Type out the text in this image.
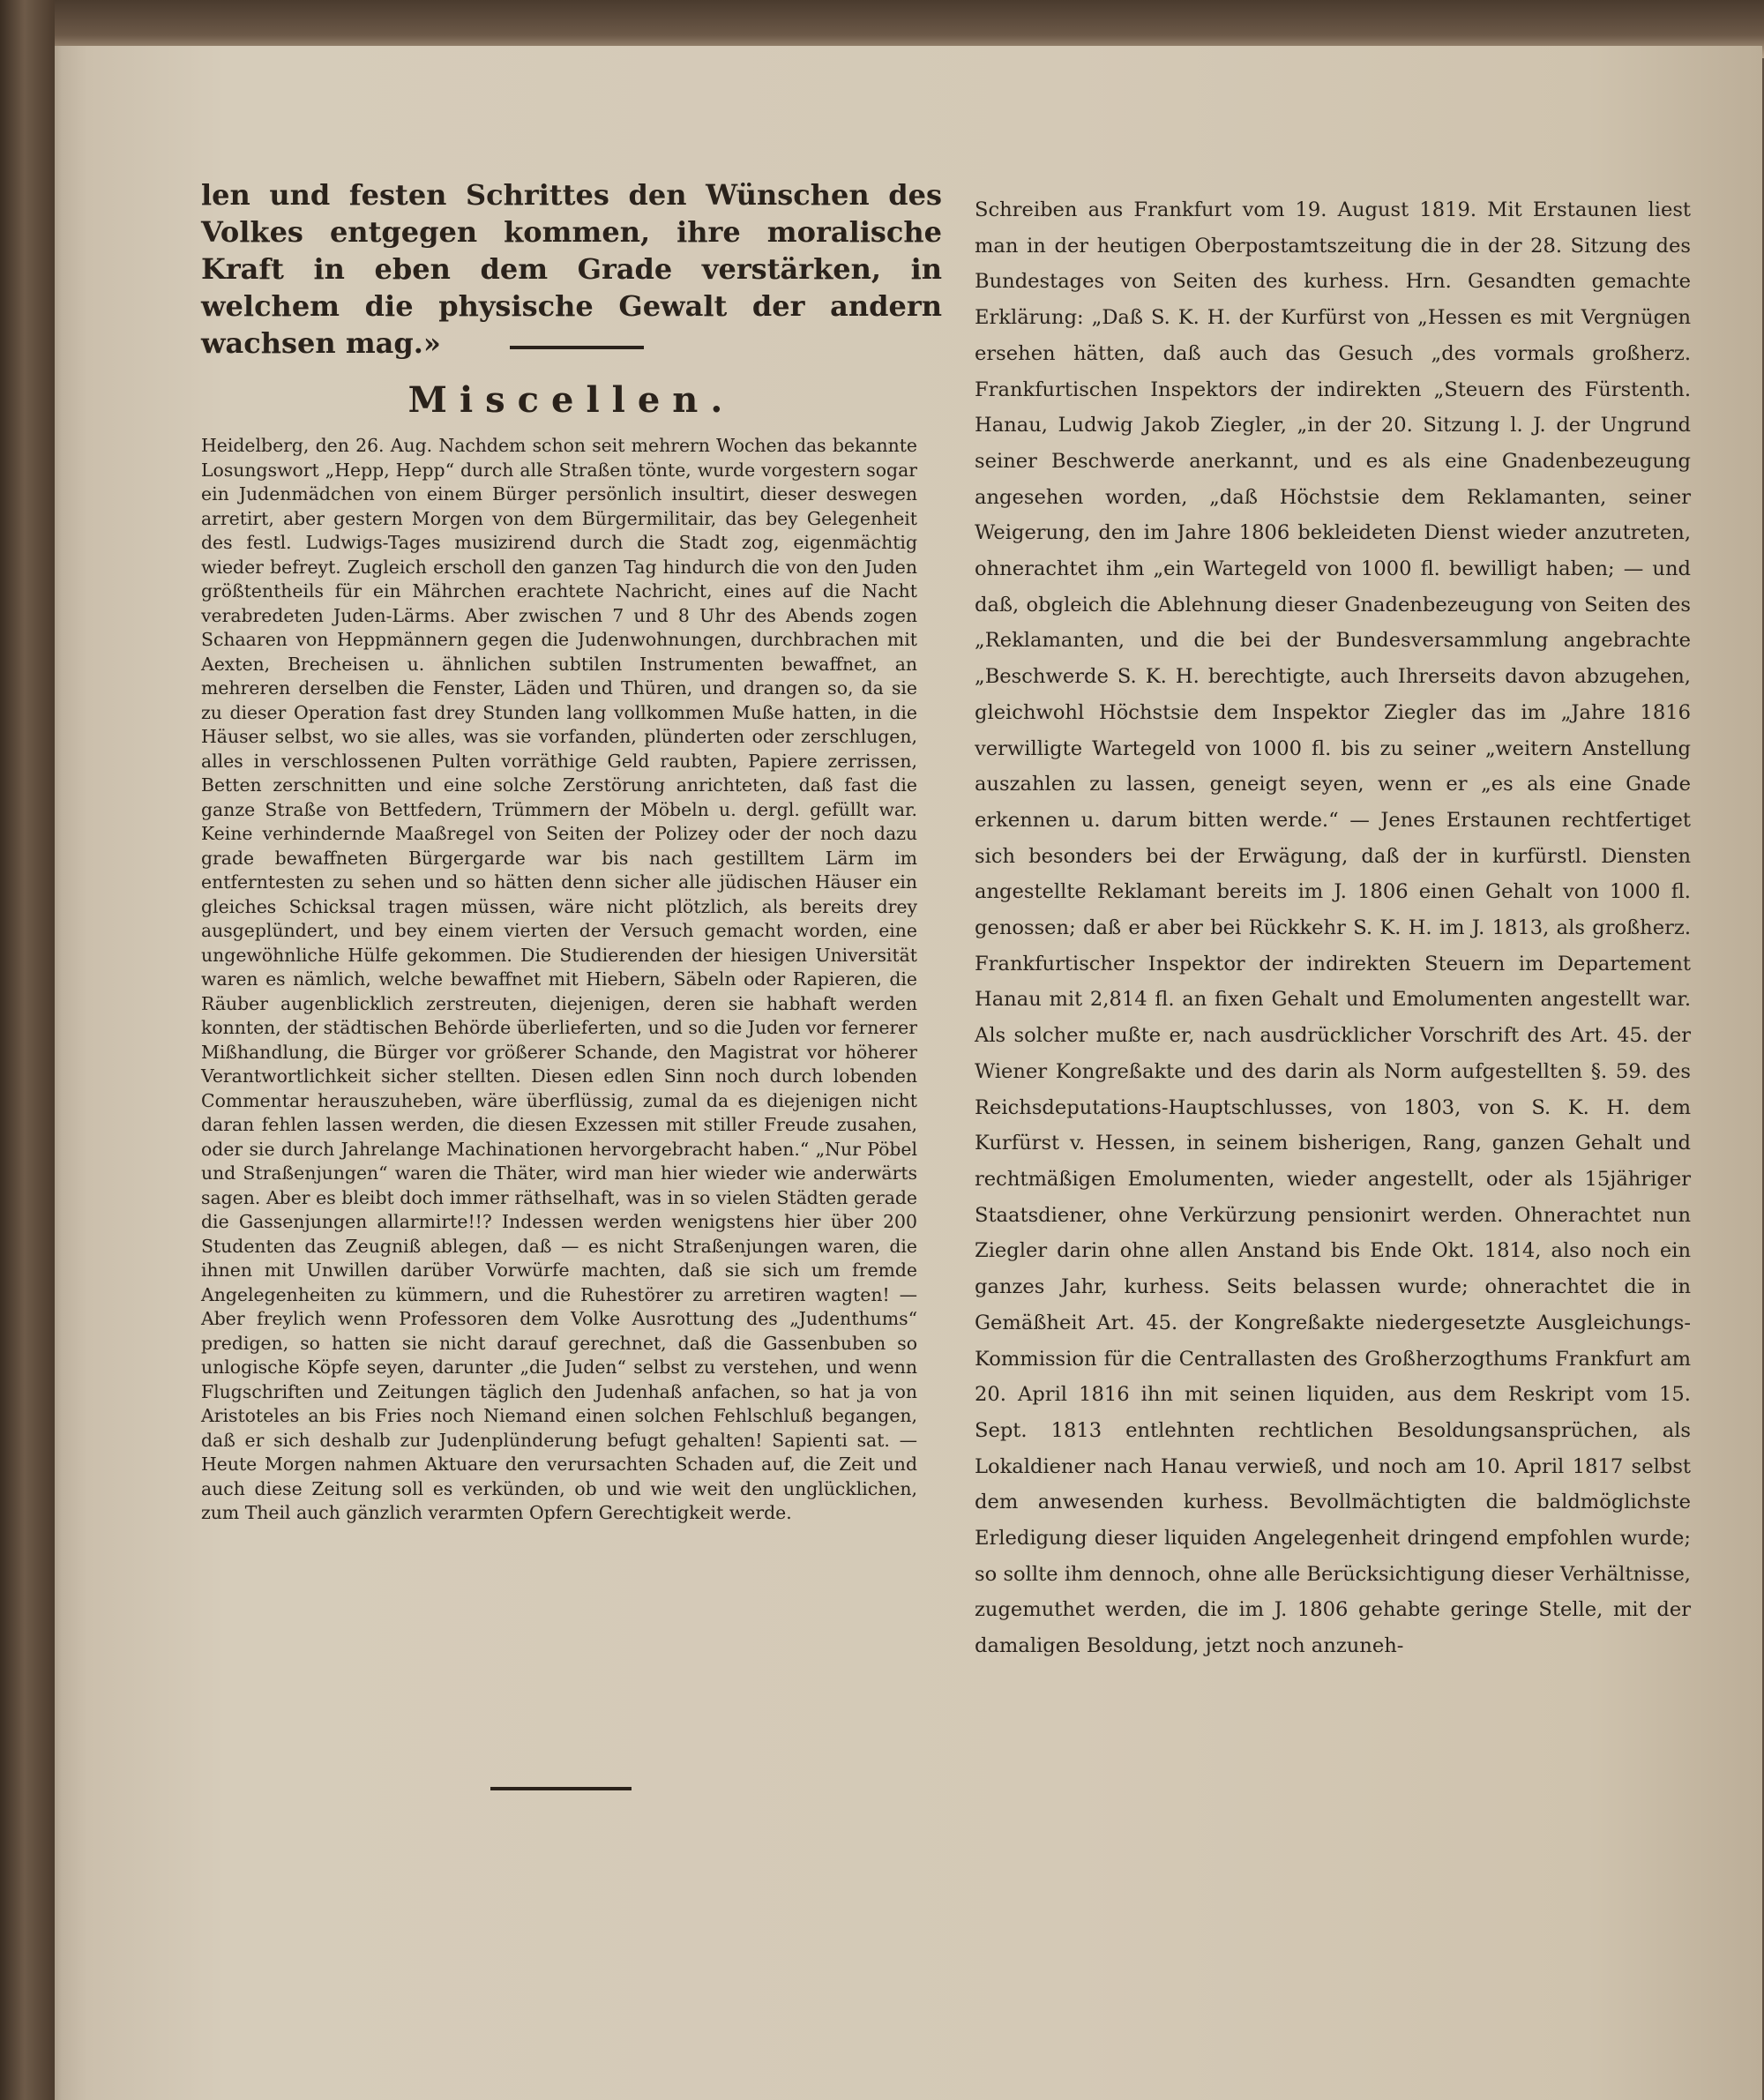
len und festen Schrittes den Wünschen des Volkes entgegen kommen, ihre moralische Kraft in eben dem Grade verstärken, in welchem die physische Gewalt der andern wachsen mag.»

Miscellen.

Heidelberg, den 26. Aug. Nachdem schon seit mehrern Wochen das bekannte Losungswort „Hepp, Hepp“ durch alle Straßen tönte, wurde vorgestern sogar ein Judenmädchen von einem Bürger persönlich insultirt, dieser deswegen arretirt, aber gestern Morgen von dem Bürgermilitair, das bey Gelegenheit des festl. Ludwigs-Tages musizirend durch die Stadt zog, eigenmächtig wieder befreyt. Zugleich erscholl den ganzen Tag hindurch die von den Juden größtentheils für ein Mährchen erachtete Nachricht, eines auf die Nacht verabredeten Juden-Lärms. Aber zwischen 7 und 8 Uhr des Abends zogen Schaaren von Heppmännern gegen die Judenwohnungen, durchbrachen mit Aexten, Brecheisen u. ähnlichen subtilen Instrumenten bewaffnet, an mehreren derselben die Fenster, Läden und Thüren, und drangen so, da sie zu dieser Operation fast drey Stunden lang vollkommen Muße hatten, in die Häuser selbst, wo sie alles, was sie vorfanden, plünderten oder zerschlugen, alles in verschlossenen Pulten vorräthige Geld raubten, Papiere zerrissen, Betten zerschnitten und eine solche Zerstörung anrichteten, daß fast die ganze Straße von Bettfedern, Trümmern der Möbeln u. dergl. gefüllt war. Keine verhindernde Maaßregel von Seiten der Polizey oder der noch dazu grade bewaffneten Bürgergarde war bis nach gestilltem Lärm im entferntesten zu sehen und so hätten denn sicher alle jüdischen Häuser ein gleiches Schicksal tragen müssen, wäre nicht plötzlich, als bereits drey ausgeplündert, und bey einem vierten der Versuch gemacht worden, eine ungewöhnliche Hülfe gekommen. Die Studierenden der hiesigen Universität waren es nämlich, welche bewaffnet mit Hiebern, Säbeln oder Rapieren, die Räuber augenblicklich zerstreuten, diejenigen, deren sie habhaft werden konnten, der städtischen Behörde überlieferten, und so die Juden vor fernerer Mißhandlung, die Bürger vor größerer Schande, den Magistrat vor höherer Verantwortlichkeit sicher stellten. Diesen edlen Sinn noch durch lobenden Commentar herauszuheben, wäre überflüssig, zumal da es diejenigen nicht daran fehlen lassen werden, die diesen Exzessen mit stiller Freude zusahen, oder sie durch Jahrelange Machinationen hervorgebracht haben.“ „Nur Pöbel und Straßenjungen“ waren die Thäter, wird man hier wieder wie anderwärts sagen. Aber es bleibt doch immer räthselhaft, was in so vielen Städten gerade die Gassenjungen allarmirte!!? Indessen werden wenigstens hier über 200 Studenten das Zeugniß ablegen, daß — es nicht Straßenjungen waren, die ihnen mit Unwillen darüber Vorwürfe machten, daß sie sich um fremde Angelegenheiten zu kümmern, und die Ruhestörer zu arretiren wagten! — Aber freylich wenn Professoren dem Volke Ausrottung des „Judenthums“ predigen, so hatten sie nicht darauf gerechnet, daß die Gassenbuben so unlogische Köpfe seyen, darunter „die Juden“ selbst zu verstehen, und wenn Flugschriften und Zeitungen täglich den Judenhaß anfachen, so hat ja von Aristoteles an bis Fries noch Niemand einen solchen Fehlschluß begangen, daß er sich deshalb zur Judenplünderung befugt gehalten! Sapienti sat. — Heute Morgen nahmen Aktuare den verursachten Schaden auf, die Zeit und auch diese Zeitung soll es verkünden, ob und wie weit den unglücklichen, zum Theil auch gänzlich verarmten Opfern Gerechtigkeit werde.

Schreiben aus Frankfurt vom 19. August 1819. Mit Erstaunen liest man in der heutigen Oberpostamtszeitung die in der 28. Sitzung des Bundestages von Seiten des kurhess. Hrn. Gesandten gemachte Erklärung: „Daß S. K. H. der Kurfürst von „Hessen es mit Vergnügen ersehen hätten, daß auch das Gesuch „des vormals großherz. Frankfurtischen Inspektors der indirekten „Steuern des Fürstenth. Hanau, Ludwig Jakob Ziegler, „in der 20. Sitzung l. J. der Ungrund seiner Beschwerde anerkannt, und es als eine Gnadenbezeugung angesehen worden, „daß Höchstsie dem Reklamanten, seiner Weigerung, den im Jahre 1806 bekleideten Dienst wieder anzutreten, ohnerachtet ihm „ein Wartegeld von 1000 fl. bewilligt haben; — und daß, obgleich die Ablehnung dieser Gnadenbezeugung von Seiten des „Reklamanten, und die bei der Bundesversammlung angebrachte „Beschwerde S. K. H. berechtigte, auch Ihrerseits davon abzugehen, gleichwohl Höchstsie dem Inspektor Ziegler das im „Jahre 1816 verwilligte Wartegeld von 1000 fl. bis zu seiner „weitern Anstellung auszahlen zu lassen, geneigt seyen, wenn er „es als eine Gnade erkennen u. darum bitten werde.“ — Jenes Erstaunen rechtfertiget sich besonders bei der Erwägung, daß der in kurfürstl. Diensten angestellte Reklamant bereits im J. 1806 einen Gehalt von 1000 fl. genossen; daß er aber bei Rückkehr S. K. H. im J. 1813, als großherz. Frankfurtischer Inspektor der indirekten Steuern im Departement Hanau mit 2,814 fl. an fixen Gehalt und Emolumenten angestellt war. Als solcher mußte er, nach ausdrücklicher Vorschrift des Art. 45. der Wiener Kongreßakte und des darin als Norm aufgestellten §. 59. des Reichsdeputations-Hauptschlusses, von 1803, von S. K. H. dem Kurfürst v. Hessen, in seinem bisherigen, Rang, ganzen Gehalt und rechtmäßigen Emolumenten, wieder angestellt, oder als 15jähriger Staatsdiener, ohne Verkürzung pensionirt werden. Ohnerachtet nun Ziegler darin ohne allen Anstand bis Ende Okt. 1814, also noch ein ganzes Jahr, kurhess. Seits belassen wurde; ohnerachtet die in Gemäßheit Art. 45. der Kongreßakte niedergesetzte Ausgleichungs-Kommission für die Centrallasten des Großherzogthums Frankfurt am 20. April 1816 ihn mit seinen liquiden, aus dem Reskript vom 15. Sept. 1813 entlehnten rechtlichen Besoldungsansprüchen, als Lokaldiener nach Hanau verwieß, und noch am 10. April 1817 selbst dem anwesenden kurhess. Bevollmächtigten die baldmöglichste Erledigung dieser liquiden Angelegenheit dringend empfohlen wurde; so sollte ihm dennoch, ohne alle Berücksichtigung dieser Verhältnisse, zugemuthet werden, die im J. 1806 gehabte geringe Stelle, mit der damaligen Besoldung, jetzt noch anzuneh-
